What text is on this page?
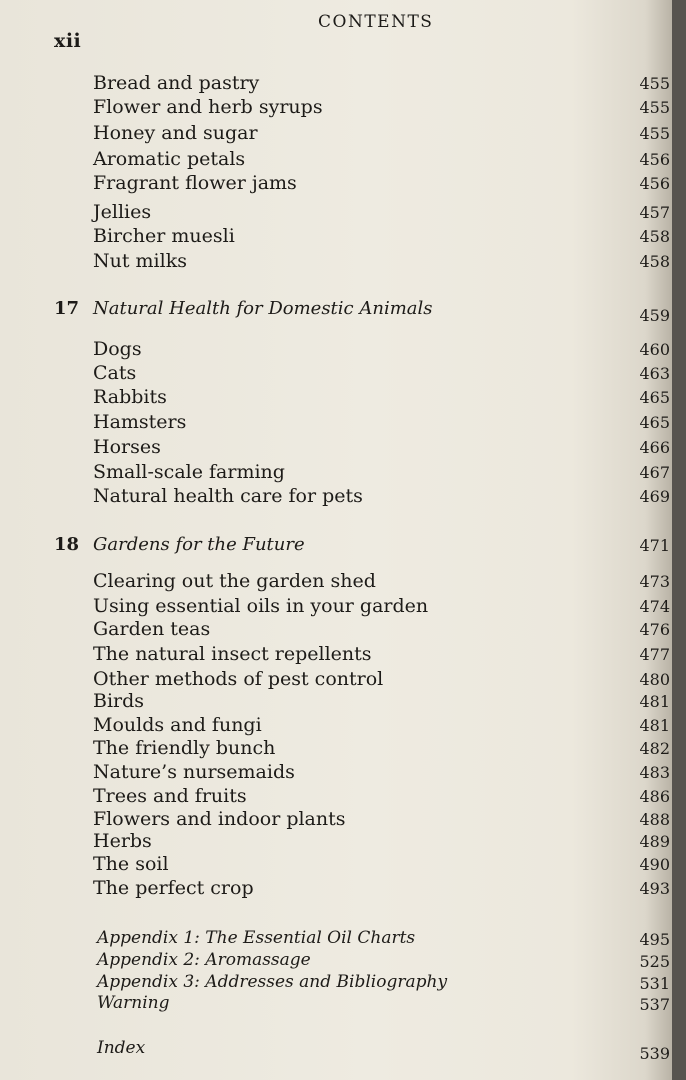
xii
CONTENTS
Bread and pastry	455
Flower and herb syrups	455
Honey and sugar	455
Aromatic petals	456
Fragrant flower jams	456
Jellies	457
Bircher muesli	458
Nut milks	458
17 Natural Health for Domestic Animals	459
Dogs	460
Cats	463
Rabbits	465
Hamsters	465
Horses	466
Small-scale farming	467
Natural health care for pets	469
18 Gardens for the Future	471
Clearing out the garden shed	473
Using essential oils in your garden	474
Garden teas	476
The natural insect repellents	477
Other methods of pest control	480
Birds	481
Moulds and fungi	481
The friendly bunch	482
Nature’s nursemaids	483
Trees and fruits	486
Flowers and indoor plants	488
Herbs	489
The soil	490
The perfect crop	493
Appendix 1: The Essential Oil Charts	495
Appendix 2: Aromassage	525
Appendix 3: Addresses and Bibliography	531
Warning	537
Index	539
